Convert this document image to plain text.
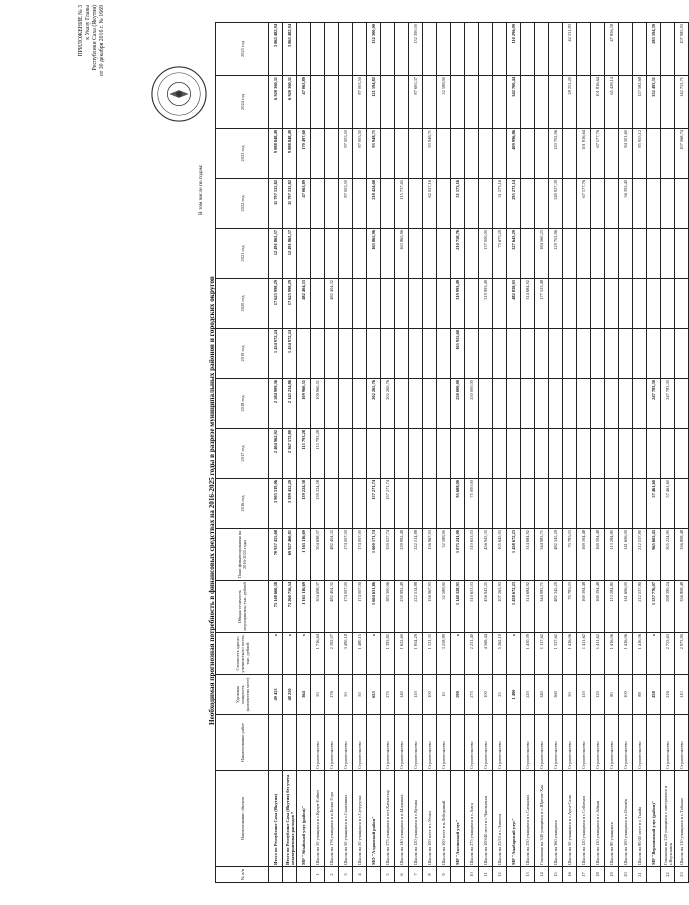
ПРИЛОЖЕНИЕ № 3 к Указу Главы Республики Саха (Якутия) от 30 декабря 2016 г. № 1669
Необходимая прогнозная потребность в финансовых средствах на 2016-2025 годы в разрезе муниципальных районов и городских округов
В том числе по годам:
№ п/п	Наименование объекта	Наименование работ	Удельная мощность (количество мест)	Стоимость одного ученического места, тыс. рублей	Общая стоимость мероприятия, тыс. рублей	План финансирования на 2016-2025 годы	2016 год	2017 год	2018 год	2019 год	2020 год	2021 год	2022 год	2023 год	2024 год	2025 год
	Итого по Республике Саха (Якутия)		49 453	х	75 148 660,38	70 937 455,68	3 903 319,06	2 404 962,92	2 584 909,36	1 454 972,24	17 625 998,29	12 491 863,57	11 797 535,82	9 888 848,49	6 920 360,11	3 865 482,94
	Итого по Республике Саха (Якутия) без учета незавершенных расходов *		48 250	х	71 260 756,54	69 927 460,81	3 399 452,20	2 367 572,80	2 145 234,86	1 454 972,24	17 625 998,29	12 491 863,57	11 797 535,82	9 888 848,49	6 920 360,11	3 865 482,94
	МР "Абыйский улус (район)"		364	х	1 165 116,69	1 165 116,69	139 224,58	115 793,28	109 960,51		482 404,33		47 063,89	170 497,60	47 063,89	
1	Школа на 50 учащихся в с.Кулун-Елбют	Строительство	50	1 716,64	304 698,37	304 698,37	139 224,58	115 793,28	109 960,51							
2	Школа на 176 учащихся в п.Белая Гора	Строительство	176	2 392,07	482 404,32	482 404,32					482 404,32					
3	Школа на 50 учащихся в с.Сыаганнах	Строительство	50	3 490,18	174 007,00	174 007,00							87 003,50	87 003,50		
4	Школа на 50 учащихся в с.Сутуруоха	Строительство	50	1 480,15	174 007,00	174 007,00								87 003,50	87 003,50	
	МО "Алданский район"		635	х	1 604 631,86	1 600 171,74	157 271,74		202 265,76			163 865,96	218 424,68	93 948,71	121 594,82	132 300,00
5	Школа на 275 учащихся в пгт.Хатыстыр	Строительство	275	1 393,82	383 300,96	359 027,74	157 271,74		202 265,76							
6	Школа на 140 учащихся в п.Ыллымах	Строительство	140	1 622,60	239 992,49	239 992,49						163 865,96	115 737,65			
7	Школа на 120 учащихся в с.Кутана	Строительство	120	1 854,29	222 514,88	222 514,88									87 695,37	132 300,00
8	Школа на 100 мест в с.Угоян	Строительство	100	1 121,35	156 967,93	156 967,93							62 027,16	93 948,71		
9	Школа на 100 мест в п.Лебединый	Строительство	10	3 258,89	32 588,90	32 588,90									32 588,90	
	МР "Амгинский улус"		590	х	1 140 328,95	1 073 241,00	95 688,00		250 000,00	105 955,60	319 993,49	210 758,76	31 573,16			
10	Школа на 275 учащихся в с.Амга	Строительство	275	2 251,40	510 653,03	510 653,03	75 000,00		250 000,00							
11	Школа на 100/40 мест в с.Чапчылган	Строительство	100	4 569,44	456 943,35	456 943,35					319 993,49	137 000,00				
12	Школа на 25/15 в с.Эмиссы	Строительство	25	5 262,19	107 263,93	105 645,93						73 673,29	31 573,16			
	МР "Анабарский улус"		1 490	х	1 438 672,23	1 438 672,23					482 838,03	327 643,29	295 273,14	409 996,86	342 700,44	110 296,09
13	Школа на 250 учащихся в с.Саскылах	Строительство	220	1 430,39	314 684,92	314 684,92					314 684,92					
14	Гимназия на 340 учащихся в с.Юрюнг-Хая	Строительство	340	1 117,62	344 983,71	344 983,71					177 523,48	184 560,23				
15	Школа на 360 учащихся	Строительство	360	1 337,62	482 345,29	482 345,29						129 702,96	349 927,39	120 702,96		
16	Школа на 50 учащихся в с.Арга-Сала	Строительство	50	1 416,06	70 783,03	70 783,03									28 251,20	42 531,83
17	Школа на 120 учащихся в с.Сеймчан	Строительство	120	1 411,62	169 394,48	169 394,48							67 577,76	101 816,64		
18	Школа на 120 учащихся в с.Айкан	Строительство	120	1 411,62	169 394,48	169 394,48								67 577,76	101 816,64	
19	Школа на 80 учащихся	Строительство	80	1 416,06	113 284,80	113 284,80									65 428,14	47 856,58
20	Школа на 100 учащихся в с.Оленёк	Строительство	100	1 416,06	141 606,00	141 606,00							56 392,40	84 301,60		
21	Школа на 80/45 мест в с.Тыайа	Строительство	88	1 416,06	212 537,80	212 537,80								85 955,12	127 582,68	
	МР "Верхоянский улус (район)"		438	х	1 537 776,07	965 602,43	57 461,60		247 783,30						332 493,31	283 594,39
22	Гимназия на 220 учащихся с интернатом в г.Верхоянск	Строительство	216	2 733,63	598 390,24	305 224,90	57 461,60		247 783,30							
23	Школа на 110 учащихся в с.Табалах	Строительство	110	2 973,90	356 808,48	356 808,48								107 068,74	142 753,71	107 985,93
